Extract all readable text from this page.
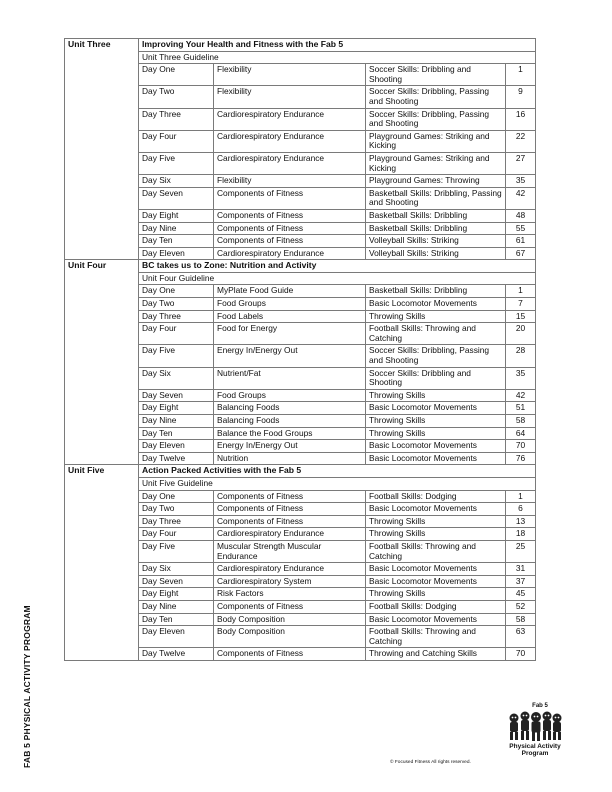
Unit Three	Improving Your Health and Fitness with the Fab 5			
	Unit Three Guideline			
	Day One	Flexibility	Soccer Skills: Dribbling and Shooting	1
	Day Two	Flexibility	Soccer Skills: Dribbling, Passing and Shooting	9
	Day Three	Cardiorespiratory Endurance	Soccer Skills: Dribbling, Passing and Shooting	16
	Day Four	Cardiorespiratory Endurance	Playground Games: Striking and Kicking	22
	Day Five	Cardiorespiratory Endurance	Playground Games: Striking and Kicking	27
	Day Six	Flexibility	Playground Games: Throwing	35
	Day Seven	Components of Fitness	Basketball Skills: Dribbling, Passing and Shooting	42
	Day Eight	Components of Fitness	Basketball Skills: Dribbling	48
	Day Nine	Components of Fitness	Basketball Skills: Dribbling	55
	Day Ten	Components of Fitness	Volleyball Skills: Striking	61
	Day Eleven	Cardiorespiratory Endurance	Volleyball Skills: Striking	67
Unit Four	BC takes us to Zone: Nutrition and Activity			
	Unit Four Guideline			
	Day One	MyPlate Food Guide	Basketball Skills: Dribbling	1
	Day Two	Food Groups	Basic Locomotor Movements	7
	Day Three	Food Labels	Throwing Skills	15
	Day Four	Food for Energy	Football Skills: Throwing and Catching	20
	Day Five	Energy In/Energy Out	Soccer Skills: Dribbling, Passing and Shooting	28
	Day Six	Nutrient/Fat	Soccer Skills: Dribbling and Shooting	35
	Day Seven	Food Groups	Throwing Skills	42
	Day Eight	Balancing Foods	Basic Locomotor Movements	51
	Day Nine	Balancing Foods	Throwing Skills	58
	Day Ten	Balance the Food Groups	Throwing Skills	64
	Day Eleven	Energy In/Energy Out	Basic Locomotor Movements	70
	Day Twelve	Nutrition	Basic Locomotor Movements	76
Unit Five	Action Packed Activities with the Fab 5			
	Unit Five Guideline			
	Day One	Components of Fitness	Football Skills: Dodging	1
	Day Two	Components of Fitness	Basic Locomotor Movements	6
	Day Three	Components of Fitness	Throwing Skills	13
	Day Four	Cardiorespiratory Endurance	Throwing Skills	18
	Day Five	Muscular Strength Muscular Endurance	Football Skills: Throwing and Catching	25
	Day Six	Cardiorespiratory Endurance	Basic Locomotor Movements	31
	Day Seven	Cardiorespiratory System	Basic Locomotor Movements	37
	Day Eight	Risk Factors	Throwing Skills	45
	Day Nine	Components of Fitness	Football Skills: Dodging	52
	Day Ten	Body Composition	Basic Locomotor Movements	58
	Day Eleven	Body Composition	Football Skills: Throwing and Catching	63
	Day Twelve	Components of Fitness	Throwing and Catching Skills	70
FAB 5 PHYSICAL ACTIVITY PROGRAM	© Focused Fitness All rights reserved.
Fab 5
Physical Activity
Program
